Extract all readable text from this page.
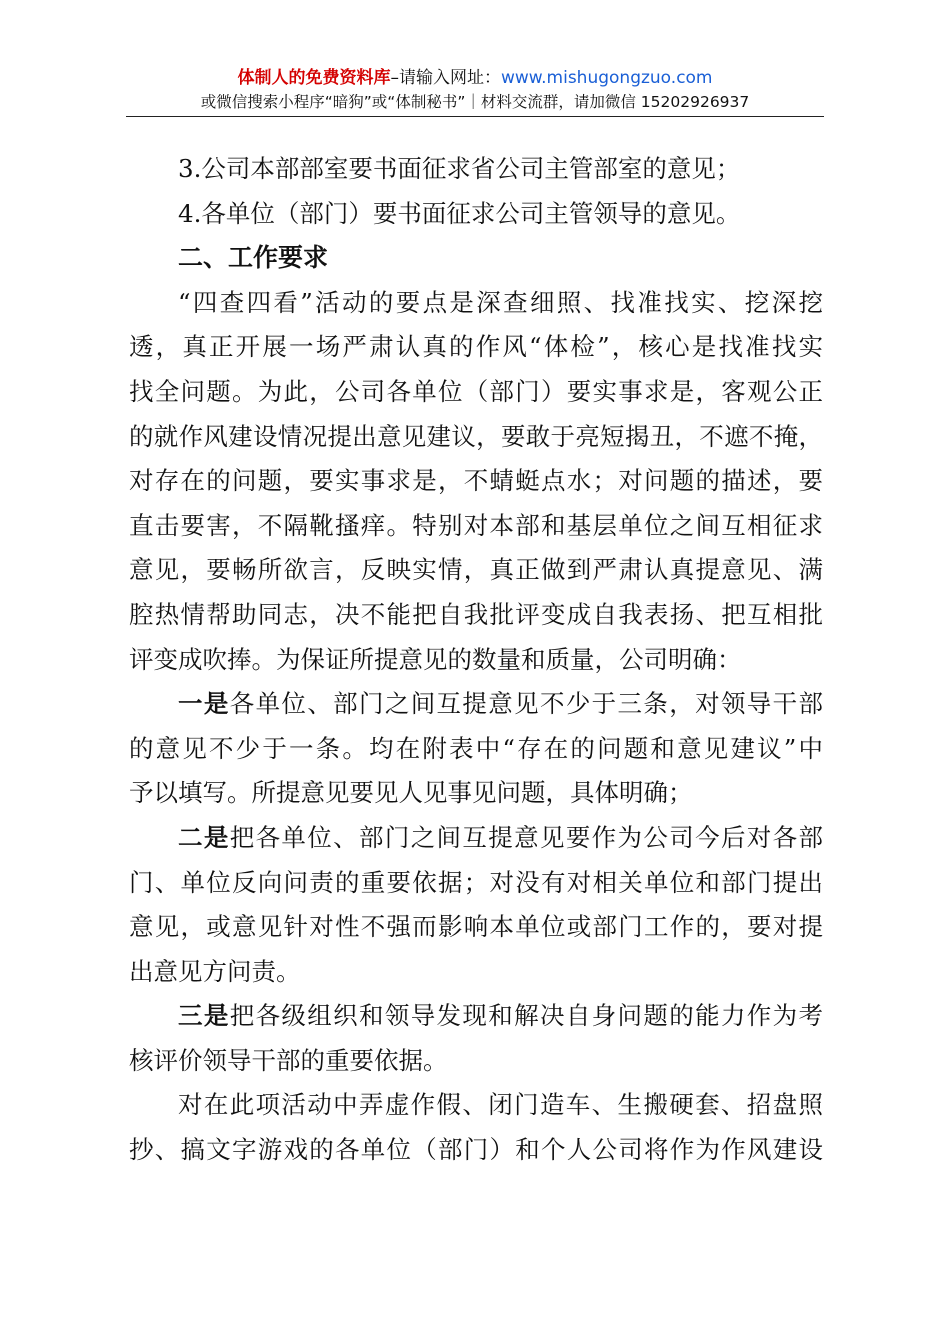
体制人的免费资料库–请输入网址：www.mishugongzuo.com
或微信搜索小程序“暗狗”或“体制秘书”｜材料交流群，请加微信 15202926937
3.公司本部部室要书面征求省公司主管部室的意见；
4.各单位（部门）要书面征求公司主管领导的意见。
二、工作要求
“四查四看”活动的要点是深查细照、找准找实、挖深挖
透，真正开展一场严肃认真的作风“体检”，核心是找准找实
找全问题。为此，公司各单位（部门）要实事求是，客观公正
的就作风建设情况提出意见建议，要敢于亮短揭丑，不遮不掩，
对存在的问题，要实事求是，不蜻蜓点水；对问题的描述，要
直击要害，不隔靴搔痒。特别对本部和基层单位之间互相征求
意见，要畅所欲言，反映实情，真正做到严肃认真提意见、满
腔热情帮助同志，决不能把自我批评变成自我表扬、把互相批
评变成吹捧。为保证所提意见的数量和质量，公司明确：
一是各单位、部门之间互提意见不少于三条，对领导干部
的意见不少于一条。均在附表中“存在的问题和意见建议”中
予以填写。所提意见要见人见事见问题，具体明确；
二是把各单位、部门之间互提意见要作为公司今后对各部
门、单位反向问责的重要依据；对没有对相关单位和部门提出
意见，或意见针对性不强而影响本单位或部门工作的，要对提
出意见方问责。
三是把各级组织和领导发现和解决自身问题的能力作为考
核评价领导干部的重要依据。
对在此项活动中弄虚作假、闭门造车、生搬硬套、招盘照
抄、搞文字游戏的各单位（部门）和个人公司将作为作风建设
